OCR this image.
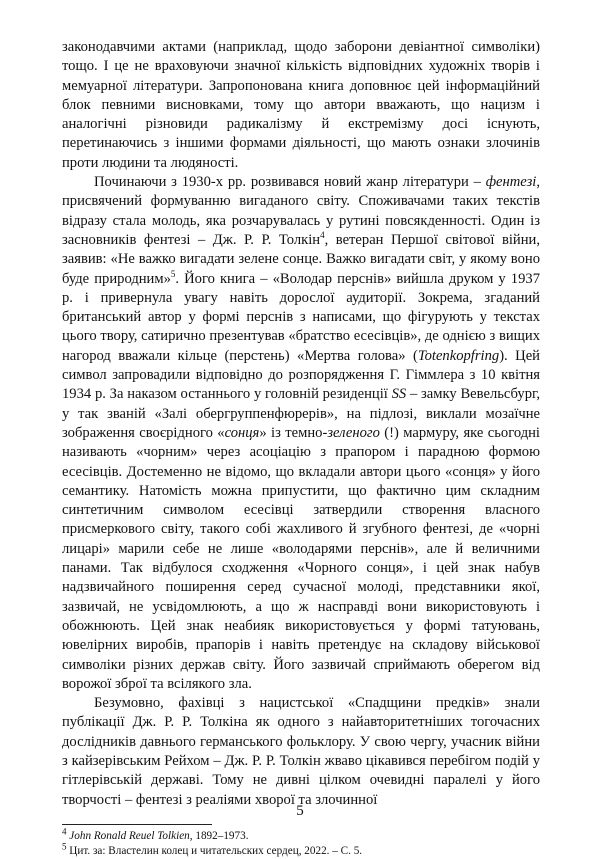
законодавчими актами (наприклад, щодо заборони девіантної символіки) тощо. І це не враховуючи значної кількість відповідних художніх творів і мемуарної літератури. Запропонована книга доповнює цей інформаційний блок певними висновками, тому що автори вважають, що нацизм і аналогічні різновиди радикалізму й екстремізму досі існують, перетинаючись з іншими формами діяльності, що мають ознаки злочинів проти людини та людяності.

Починаючи з 1930-х рр. розвивався новий жанр літератури – фентезі, присвячений формуванню вигаданого світу. Споживачами таких текстів відразу стала молодь, яка розчарувалась у рутині повсякденності. Один із засновників фентезі – Дж. Р. Р. Толкін$^4$, ветеран Першої світової війни, заявив: «Не важко вигадати зелене сонце. Важко вигадати світ, у якому воно буде природним»$^5$. Його книга – «Володар перснів» вийшла друком у 1937 р. і привернула увагу навіть дорослої аудиторії. Зокрема, згаданий британський автор у формі перснів з написами, що фігурують у текстах цього твору, сатирично презентував «братство есесівців», де однією з вищих нагород вважали кільце (перстень) «Мертва голова» (Totenkopfring). Цей символ запровадили відповідно до розпорядження Г. Гіммлера з 10 квітня 1934 р. За наказом останнього у головній резиденції SS – замку Вевельсбург, у так званій «Залі обергруппенфюрерів», на підлозі, виклали мозаїчне зображення своєрідного «сонця» із темно-зеленого (!) мармуру, яке сьогодні називають «чорним» через асоціацію з прапором і парадною формою есесівців. Достеменно не відомо, що вкладали автори цього «сонця» у його семантику. Натомість можна припустити, що фактично цим складним синтетичним символом есесівці затвердили створення власного присмеркового світу, такого собі жахливого й згубного фентезі, де «чорні лицарі» марили себе не лише «володарями перснів», але й величними панами. Так відбулося сходження «Чорного сонця», і цей знак набув надзвичайного поширення серед сучасної молоді, представники якої, зазвичай, не усвідомлюють, а що ж насправді вони використовують і обожнюють. Цей знак неабияк використовується у формі татуювань, ювелірних виробів, прапорів і навіть претендує на складову військової символіки різних держав світу. Його зазвичай сприймають оберегом від ворожої зброї та всілякого зла.

Безумовно, фахівці з нацистської «Спадщини предків» знали публікації Дж. Р. Р. Толкіна як одного з найавторитетніших тогочасних дослідників давнього германського фольклору. У свою чергу, учасник війни з кайзерівським Рейхом – Дж. Р. Р. Толкін жваво цікавився перебігом подій у гітлерівській державі. Тому не дивні цілком очевидні паралелі у його творчості – фентезі з реаліями хворої та злочинної

$^4$ John Ronald Reuel Tolkien, 1892–1973.

$^5$ Цит. за: Властелин колец и читательских сердец, 2022. – С. 5.

5
